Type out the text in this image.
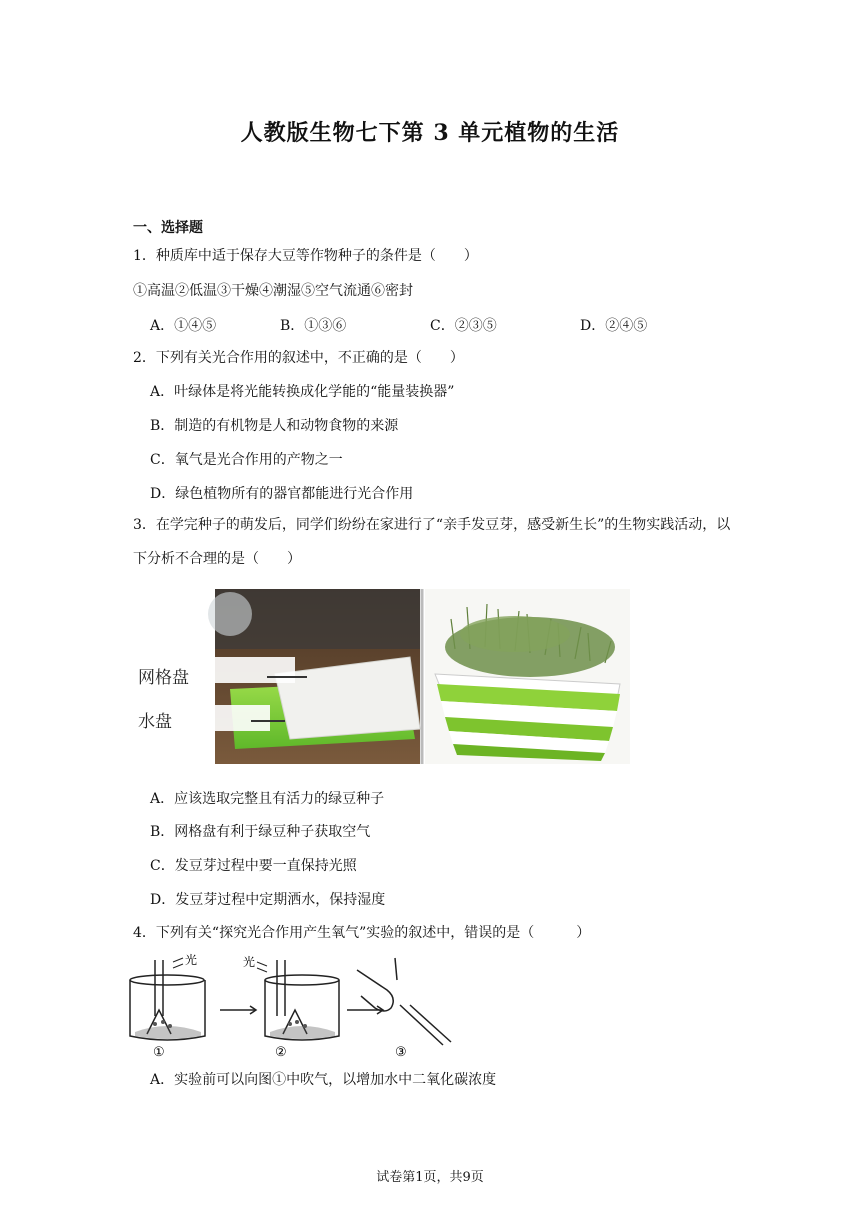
人教版生物七下第 3 单元植物的生活
一、选择题
1．种质库中适于保存大豆等作物种子的条件是（　　）
①高温②低温③干燥④潮湿⑤空气流通⑥密封
A．①④⑤	B．①③⑥	C．②③⑤	D．②④⑤
2．下列有关光合作用的叙述中，不正确的是（　　）
A．叶绿体是将光能转换成化学能的“能量装换器”
B．制造的有机物是人和动物食物的来源
C．氧气是光合作用的产物之一
D．绿色植物所有的器官都能进行光合作用
3．在学完种子的萌发后，同学们纷纷在家进行了“亲手发豆芽，感受新生长”的生物实践活动，以下分析不合理的是（　　）
网格盘
水盘
A．应该选取完整且有活力的绿豆种子
B．网格盘有利于绿豆种子获取空气
C．发豆芽过程中要一直保持光照
D．发豆芽过程中定期洒水，保持湿度
4．下列有关“探究光合作用产生氧气”实验的叙述中，错误的是（　　　）
光	光
①	②	③
A．实验前可以向图①中吹气，以增加水中二氧化碳浓度
试卷第1页，共9页
